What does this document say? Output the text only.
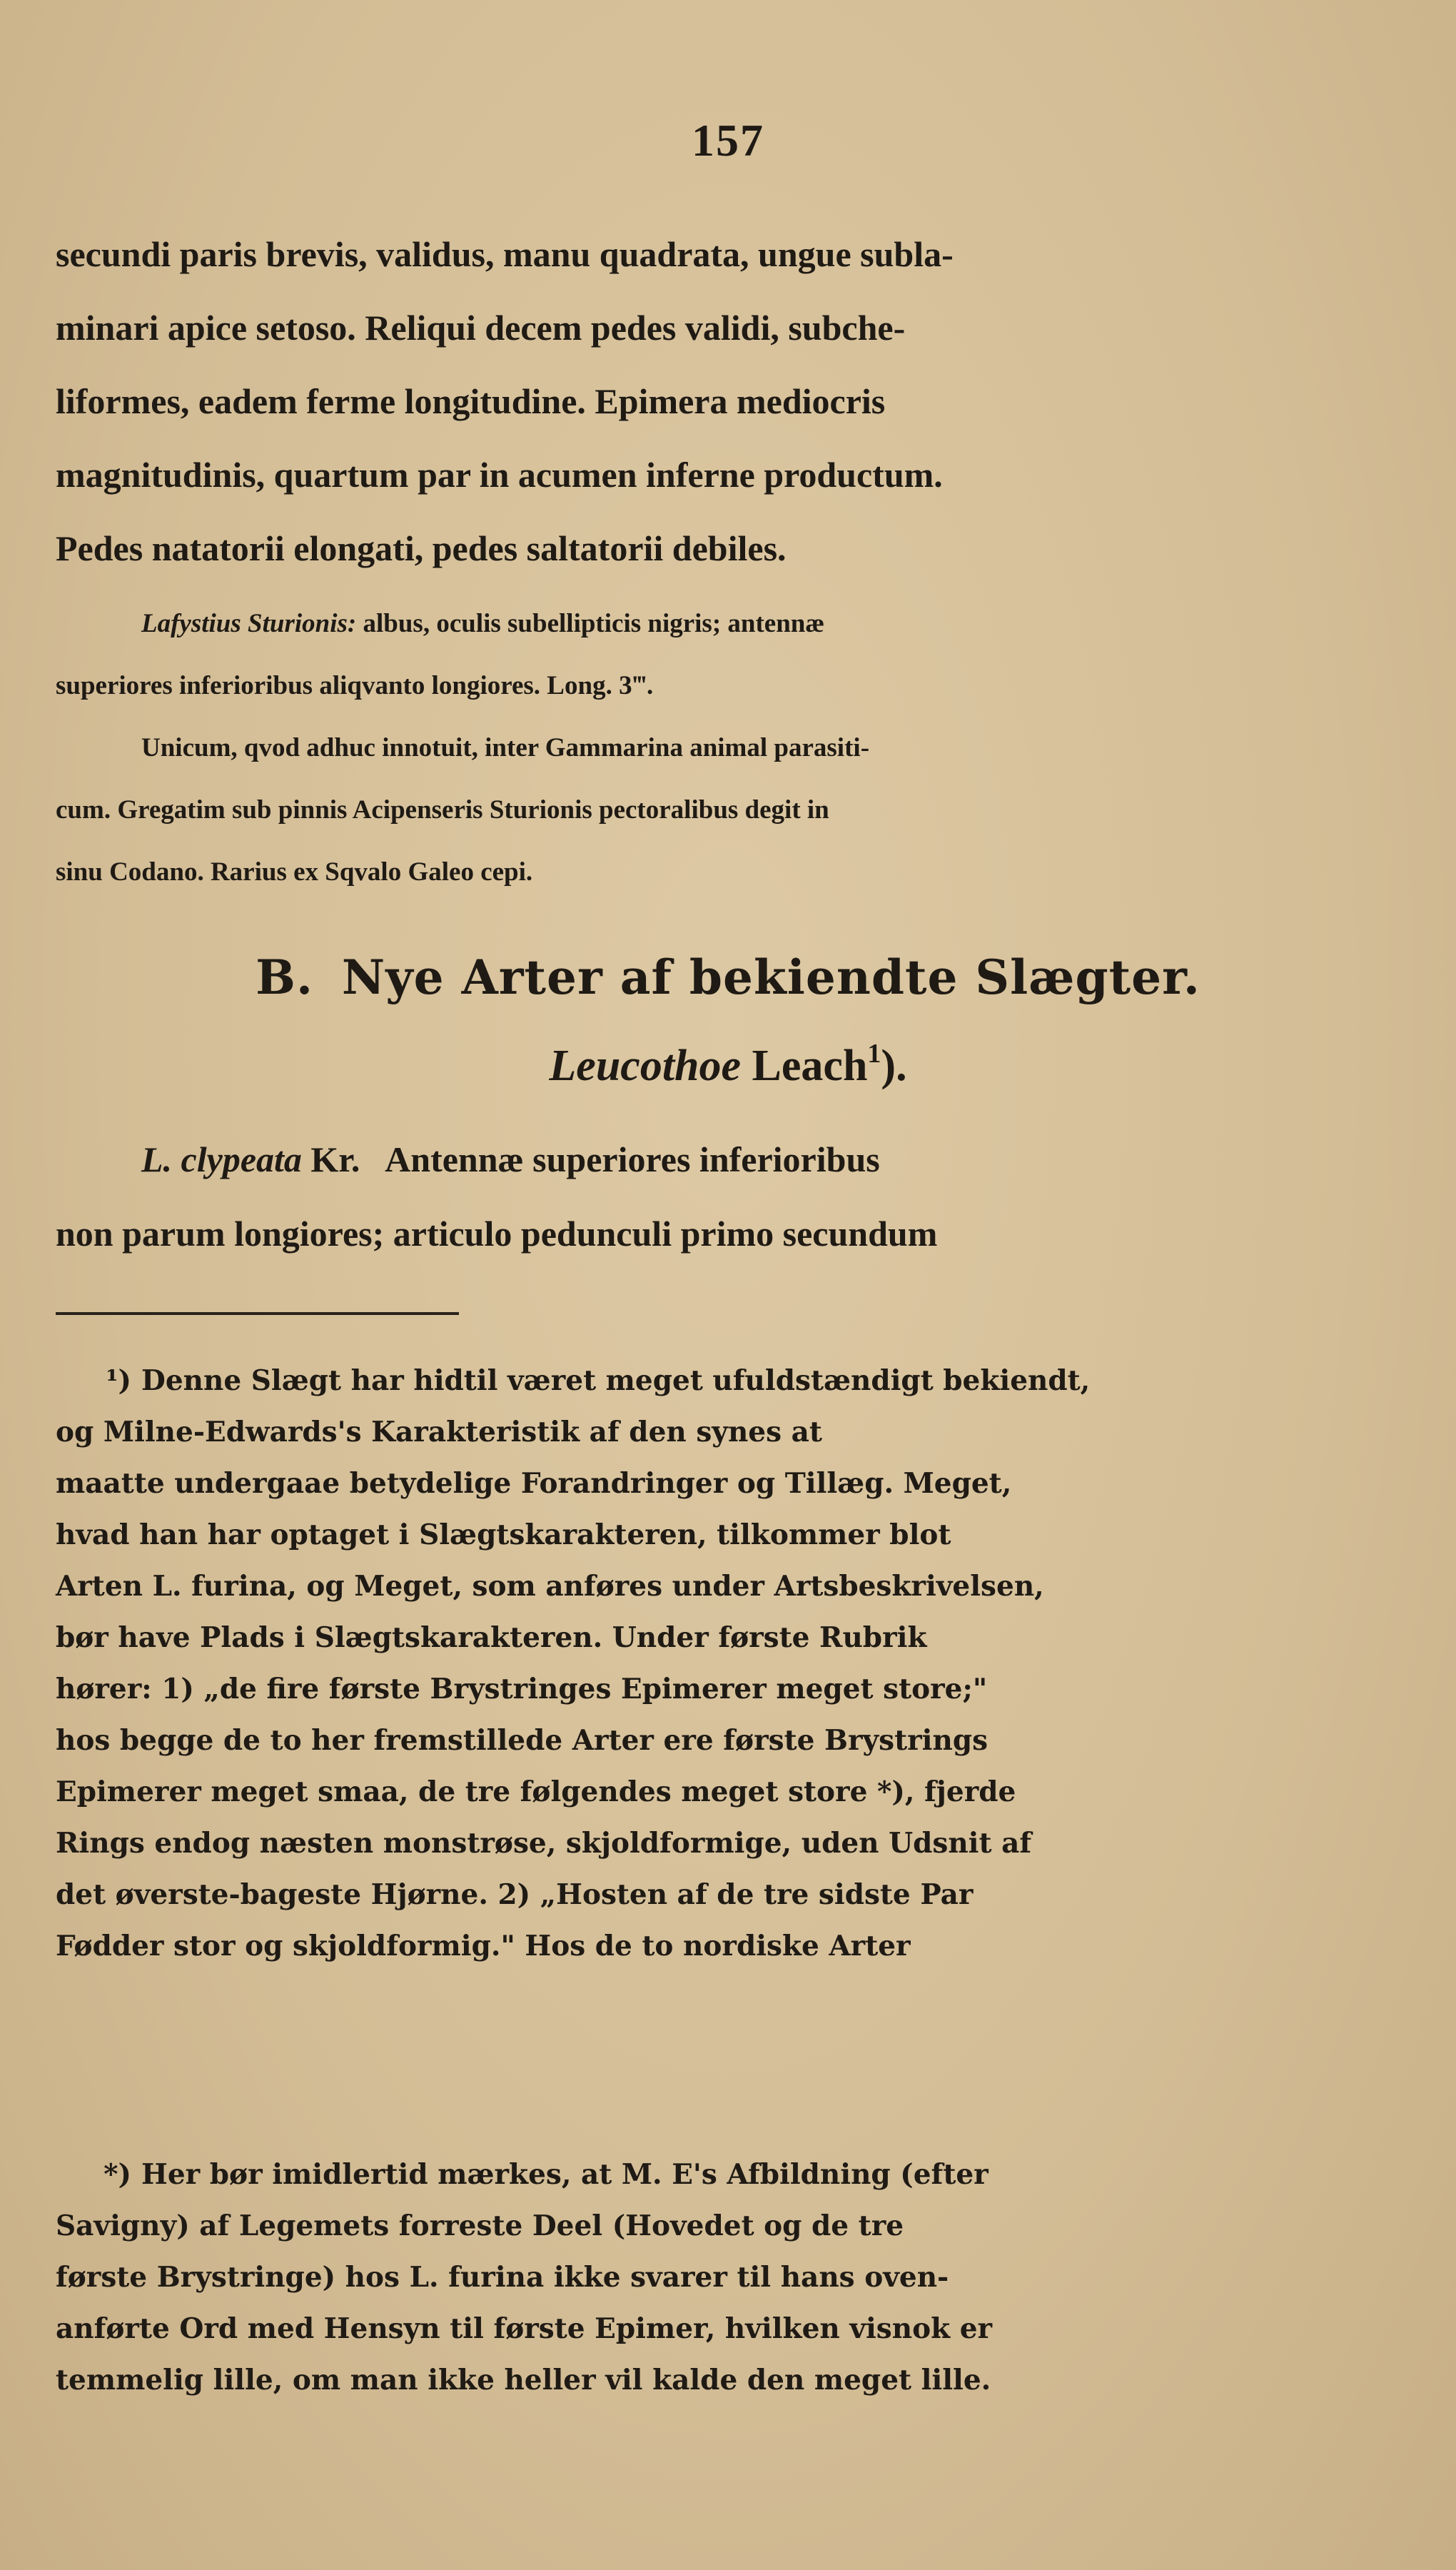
157

secundi paris brevis, validus, manu quadrata, ungue subla-

minari apice setoso. Reliqui decem pedes validi, subche-

liformes, eadem ferme longitudine. Epimera mediocris

magnitudinis, quartum par in acumen inferne productum.

Pedes natatorii elongati, pedes saltatorii debiles.

Lafystius Sturionis: albus, oculis subellipticis nigris; antennæ

superiores inferioribus aliqvanto longiores. Long. 3‴.

Unicum, qvod adhuc innotuit, inter Gammarina animal parasiti-

cum. Gregatim sub pinnis Acipenseris Sturionis pectoralibus degit in

sinu Codano. Rarius ex Sqvalo Galeo cepi.

B. Nye Arter af bekiendte Slægter.
Leucothoe Leach$^1$).

L. clypeata Kr. Antennæ superiores inferioribus

non parum longiores; articulo pedunculi primo secundum

¹) Denne Slægt har hidtil været meget ufuldstændigt bekiendt,

og Milne-Edwards's Karakteristik af den synes at

maatte undergaae betydelige Forandringer og Tillæg. Meget,

hvad han har optaget i Slægtskarakteren, tilkommer blot

Arten L. furina, og Meget, som anføres under Artsbeskrivelsen,

bør have Plads i Slægtskarakteren. Under første Rubrik

hører: 1) „de fire første Brystringes Epimerer meget store;"

hos begge de to her fremstillede Arter ere første Brystrings

Epimerer meget smaa, de tre følgendes meget store *), fjerde

Rings endog næsten monstrøse, skjoldformige, uden Udsnit af

det øverste-bageste Hjørne. 2) „Hosten af de tre sidste Par

Fødder stor og skjoldformig." Hos de to nordiske Arter

*) Her bør imidlertid mærkes, at M. E's Afbildning (efter

Savigny) af Legemets forreste Deel (Hovedet og de tre

første Brystringe) hos L. furina ikke svarer til hans oven-

anførte Ord med Hensyn til første Epimer, hvilken visnok er

temmelig lille, om man ikke heller vil kalde den meget lille.
